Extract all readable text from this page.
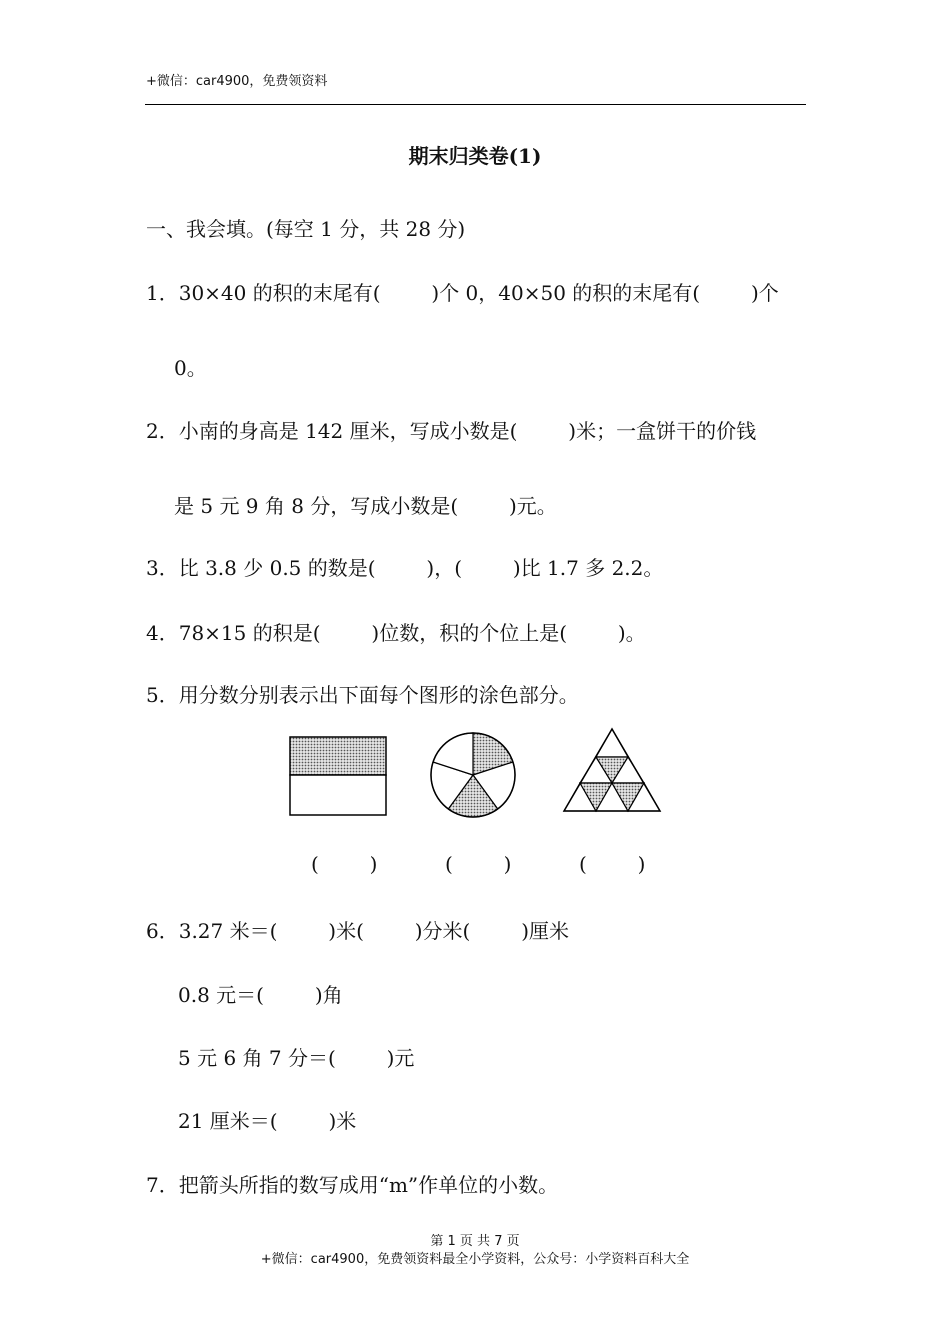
+微信：car4900，免费领资料
期末归类卷(1)
一、我会填。(每空 1 分，共 28 分)
1．30×40 的积的末尾有(        )个 0，40×50 的积的末尾有(        )个
0。
2．小南的身高是 142 厘米，写成小数是(        )米；一盒饼干的价钱
是 5 元 9 角 8 分，写成小数是(        )元。
3．比 3.8 少 0.5 的数是(        )，(        )比 1.7 多 2.2。
4．78×15 的积是(        )位数，积的个位上是(        )。
5．用分数分别表示出下面每个图形的涂色部分。
(        )	(        )	(        )
6．3.27 米＝(        )米(        )分米(        )厘米
0.8 元＝(        )角
5 元 6 角 7 分＝(        )元
21 厘米＝(        )米
7．把箭头所指的数写成用“m”作单位的小数。
第 1 页 共 7 页
+微信：car4900，免费领资料最全小学资料，公众号：小学资料百科大全
